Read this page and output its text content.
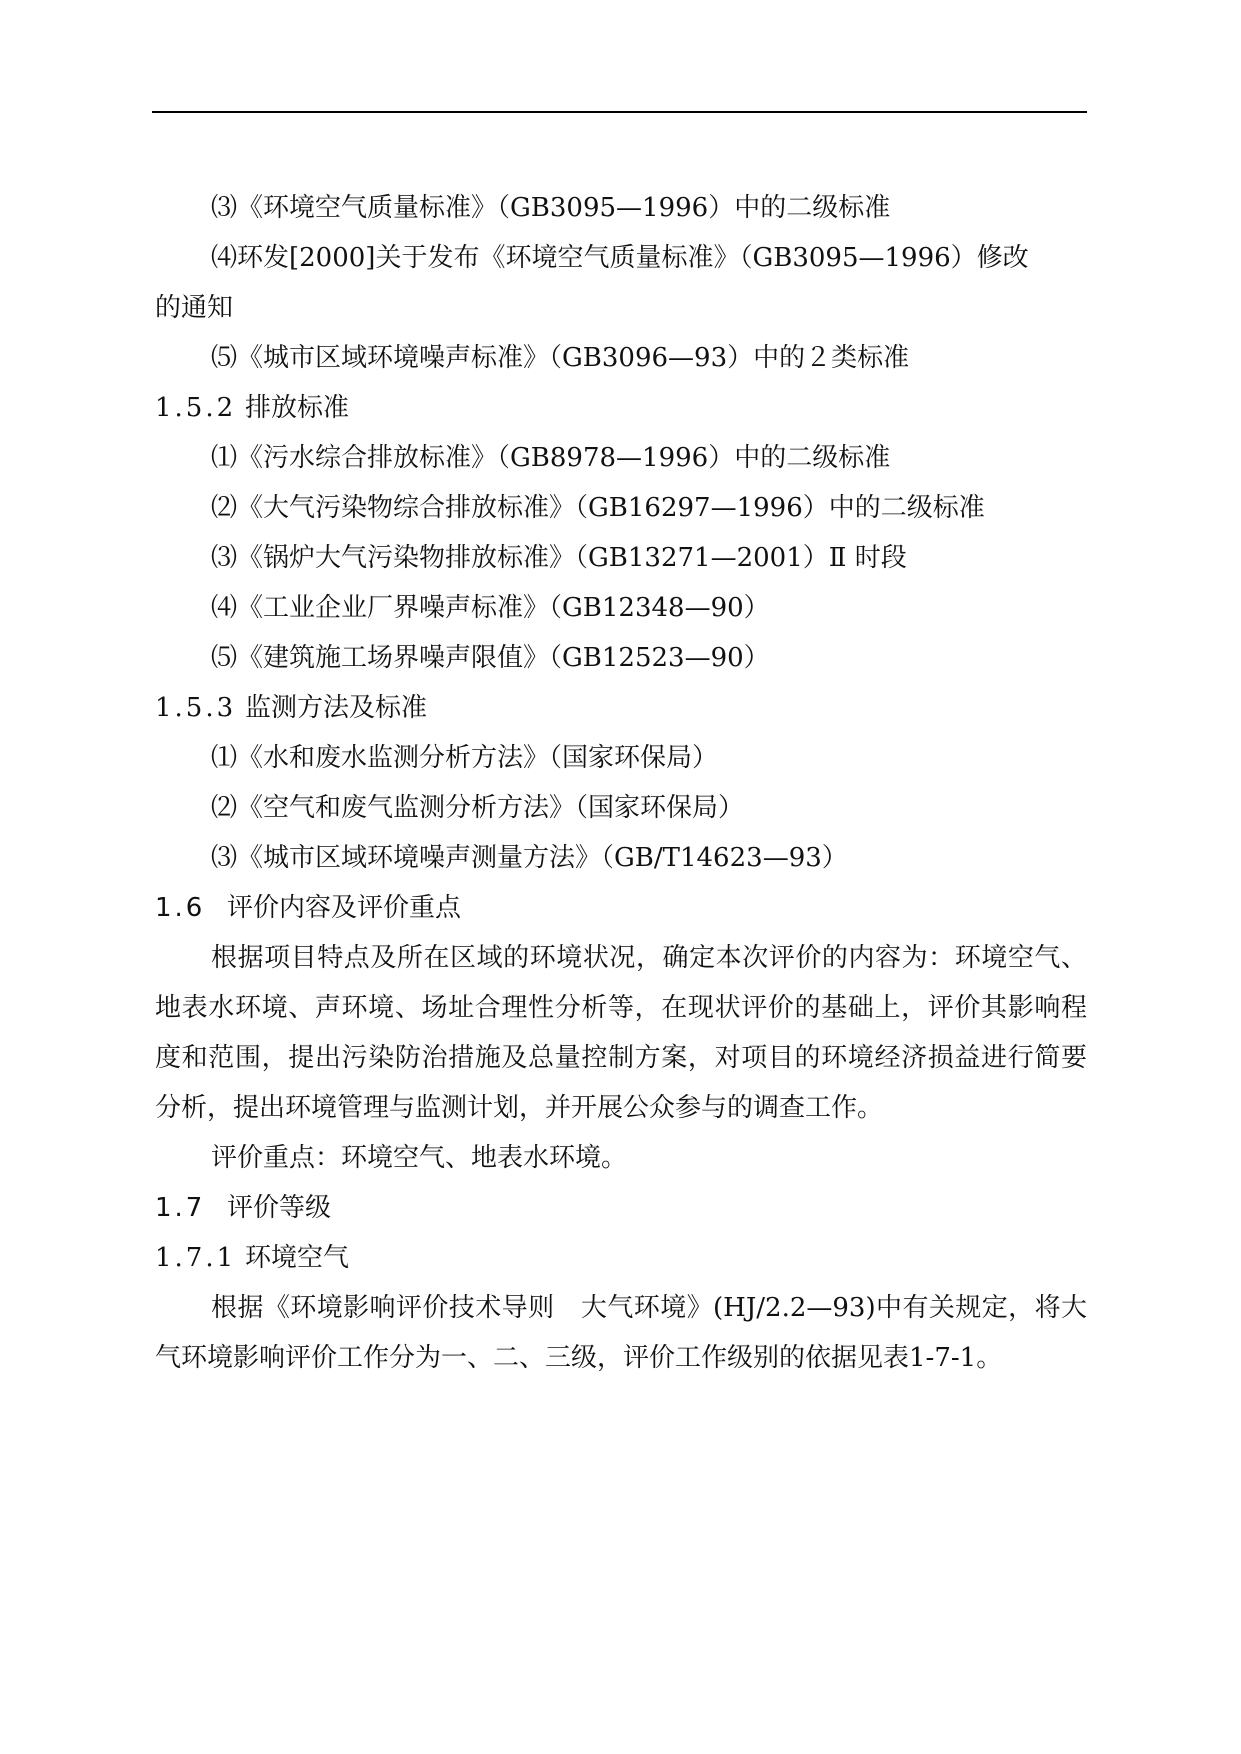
⑶《环境空气质量标准》（GB3095—1996）中的二级标准
⑷环发[2000]关于发布《环境空气质量标准》（GB3095—1996）修改
的通知
⑸《城市区域环境噪声标准》（GB3096—93）中的２类标准
1.5.2 排放标准
⑴《污水综合排放标准》（GB8978—1996）中的二级标准
⑵《大气污染物综合排放标准》（GB16297—1996）中的二级标准
⑶《锅炉大气污染物排放标准》（GB13271—2001）Ⅱ 时段
⑷《工业企业厂界噪声标准》（GB12348—90）
⑸《建筑施工场界噪声限值》（GB12523—90）
1.5.3 监测方法及标准
⑴《水和废水监测分析方法》（国家环保局）
⑵《空气和废气监测分析方法》（国家环保局）
⑶《城市区域环境噪声测量方法》（GB/T14623—93）
1.6 评价内容及评价重点
根据项目特点及所在区域的环境状况，确定本次评价的内容为：环境空气、地表水环境、声环境、场址合理性分析等，在现状评价的基础上，评价其影响程度和范围，提出污染防治措施及总量控制方案，对项目的环境经济损益进行简要分析，提出环境管理与监测计划，并开展公众参与的调查工作。
评价重点：环境空气、地表水环境。
1.7 评价等级
1.7.1 环境空气
根据《环境影响评价技术导则　大气环境》(HJ/2.2—93)中有关规定，将大气环境影响评价工作分为一、二、三级，评价工作级别的依据见表1-7-1。
